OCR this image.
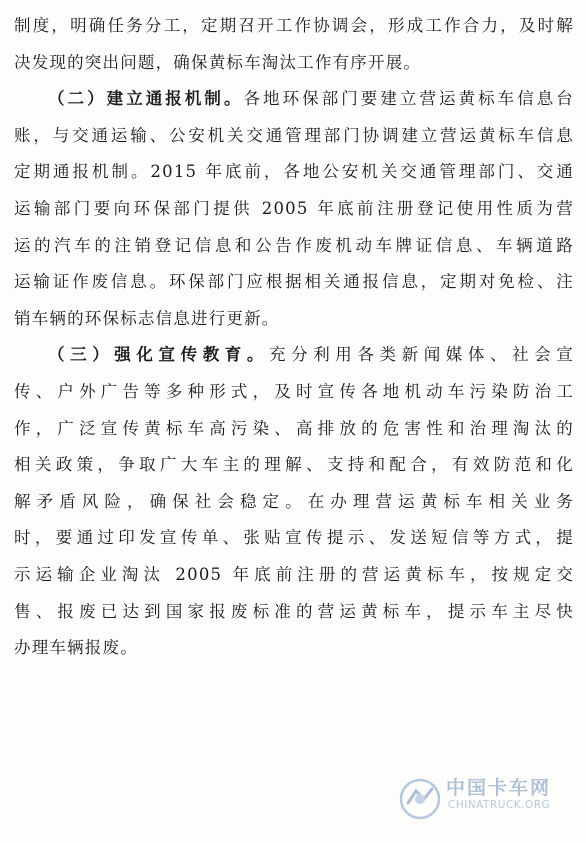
制度，明确任务分工，定期召开工作协调会，形成工作合力，及时解
决发现的突出问题，确保黄标车淘汰工作有序开展。
（二）建立通报机制。各地环保部门要建立营运黄标车信息台
账，与交通运输、公安机关交通管理部门协调建立营运黄标车信息
定期通报机制。2015 年底前，各地公安机关交通管理部门、交通
运输部门要向环保部门提供 2005 年底前注册登记使用性质为营
运的汽车的注销登记信息和公告作废机动车牌证信息、车辆道路
运输证作废信息。环保部门应根据相关通报信息，定期对免检、注
销车辆的环保标志信息进行更新。
（三）强化宣传教育。充分利用各类新闻媒体、社会宣
传、户外广告等多种形式，及时宣传各地机动车污染防治工
作，广泛宣传黄标车高污染、高排放的危害性和治理淘汰的
相关政策，争取广大车主的理解、支持和配合，有效防范和化
解矛盾风险，确保社会稳定。在办理营运黄标车相关业务
时，要通过印发宣传单、张贴宣传提示、发送短信等方式，提
示运输企业淘汰 2005 年底前注册的营运黄标车，按规定交
售、报废已达到国家报废标准的营运黄标车，提示车主尽快
办理车辆报废。
中国卡车网
CHINATRUCK.ORG
